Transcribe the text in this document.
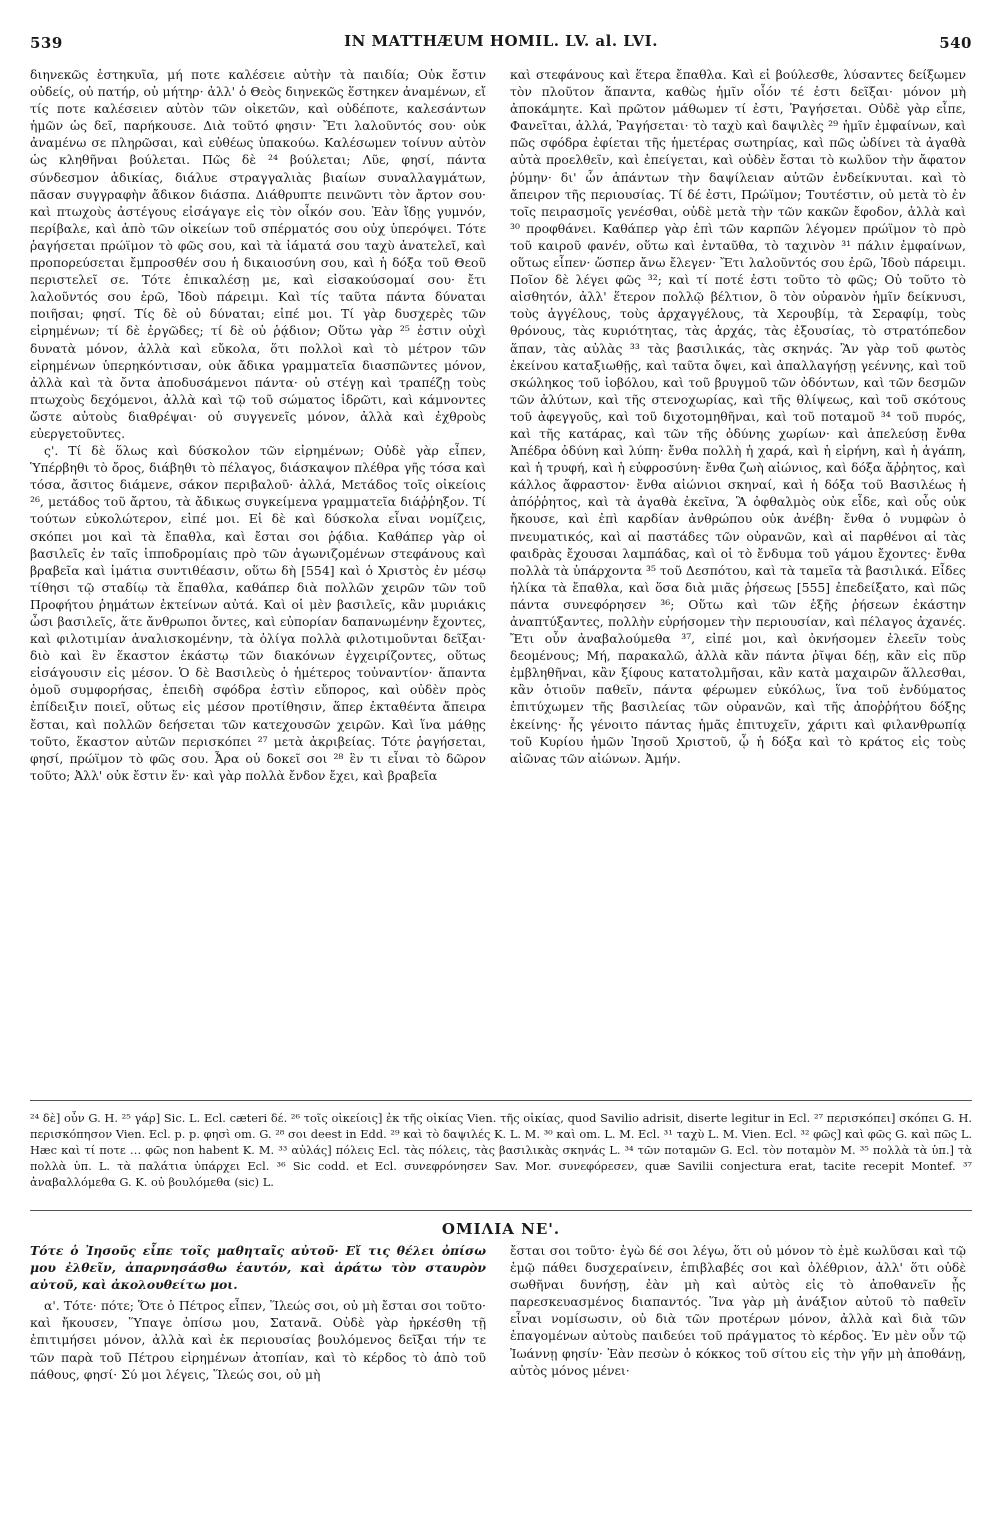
539	IN MATTHÆUM HOMIL. LV. al. LVI.	540

διηνεκῶς ἑστηκυῖα, μή ποτε καλέσειε αὐτὴν τὰ παιδία; Οὐκ ἔστιν οὐδείς, οὐ πατήρ, οὐ μήτηρ· ἀλλ' ὁ Θεὸς διηνεκῶς ἕστηκεν ἀναμένων, εἴ τίς ποτε καλέσειεν αὐτὸν τῶν οἰκετῶν, καὶ οὐδέποτε, καλεσάντων ἡμῶν ὡς δεῖ, παρήκουσε. Διὰ τοῦτό φησιν· Ἔτι λαλοῦντός σου· οὐκ ἀναμένω σε πληρῶσαι, καὶ εὐθέως ὑπακούω. Καλέσωμεν τοίνυν αὐτὸν ὡς κληθῆναι βούλεται. Πῶς δὲ ²⁴ βούλεται; Λῦε, φησί, πάντα σύνδεσμον ἀδικίας, διάλυε στραγγαλιὰς βιαίων συναλλαγμάτων, πᾶσαν συγγραφὴν ἄδικον διάσπα. Διάθρυπτε πεινῶντι τὸν ἄρτον σου· καὶ πτωχοὺς ἀστέγους εἰσάγαγε εἰς τὸν οἶκόν σου. Ἐὰν ἴδῃς γυμνόν, περίβαλε, καὶ ἀπὸ τῶν οἰκείων τοῦ σπέρματός σου οὐχ ὑπερόψει. Τότε ῥαγήσεται πρώϊμον τὸ φῶς σου, καὶ τὰ ἰάματά σου ταχὺ ἀνατελεῖ, καὶ προπορεύσεται ἔμπροσθέν σου ἡ δικαιοσύνη σου, καὶ ἡ δόξα τοῦ Θεοῦ περιστελεῖ σε. Τότε ἐπικαλέσῃ με, καὶ εἰσακούσομαί σου· ἔτι λαλοῦντός σου ἐρῶ, Ἰδοὺ πάρειμι. Καὶ τίς ταῦτα πάντα δύναται ποιῆσαι; φησί. Τίς δὲ οὐ δύναται; εἰπέ μοι. Τί γὰρ δυσχερὲς τῶν εἰρημένων; τί δὲ ἐργῶδες; τί δὲ οὐ ῥᾴδιον; Οὕτω γὰρ ²⁵ ἐστιν οὐχὶ δυνατὰ μόνον, ἀλλὰ καὶ εὔκολα, ὅτι πολλοὶ καὶ τὸ μέτρον τῶν εἰρημένων ὑπερηκόντισαν, οὐκ ἄδικα γραμματεῖα διασπῶντες μόνον, ἀλλὰ καὶ τὰ ὄντα ἀποδυσάμενοι πάντα· οὐ στέγῃ καὶ τραπέζῃ τοὺς πτωχοὺς δεχόμενοι, ἀλλὰ καὶ τῷ τοῦ σώματος ἱδρῶτι, καὶ κάμνοντες ὥστε αὐτοὺς διαθρέψαι· οὐ συγγενεῖς μόνον, ἀλλὰ καὶ ἐχθροὺς εὐεργετοῦντες.

ς'. Τί δὲ ὅλως καὶ δύσκολον τῶν εἰρημένων; Οὐδὲ γὰρ εἶπεν, Ὑπέρβηθι τὸ ὄρος, διάβηθι τὸ πέλαγος, διάσκαψον πλέθρα γῆς τόσα καὶ τόσα, ἄσιτος διάμενε, σάκον περιβαλοῦ· ἀλλά, Μετάδος τοῖς οἰκείοις ²⁶, μετάδος τοῦ ἄρτου, τὰ ἄδικως συγκείμενα γραμματεῖα διάῤῥηξον. Τί τούτων εὐκολώτερον, εἰπέ μοι. Εἰ δὲ καὶ δύσκολα εἶναι νομίζεις, σκόπει μοι καὶ τὰ ἔπαθλα, καὶ ἔσται σοι ῥᾴδια. Καθάπερ γὰρ οἱ βασιλεῖς ἐν ταῖς ἱπποδρομίαις πρὸ τῶν ἀγωνιζομένων στεφάνους καὶ βραβεῖα καὶ ἱμάτια συντιθέασιν, οὕτω δὴ [554] καὶ ὁ Χριστὸς ἐν μέσῳ τίθησι τῷ σταδίῳ τὰ ἔπαθλα, καθάπερ διὰ πολλῶν χειρῶν τῶν τοῦ Προφήτου ῥημάτων ἐκτείνων αὐτά. Καὶ οἱ μὲν βασιλεῖς, κἂν μυριάκις ὦσι βασιλεῖς, ἅτε ἄνθρωποι ὄντες, καὶ εὐπορίαν δαπανωμένην ἔχοντες, καὶ φιλοτιμίαν ἀναλισκομένην, τὰ ὀλίγα πολλὰ φιλοτιμοῦνται δεῖξαι· διὸ καὶ ἓν ἕκαστον ἑκάστῳ τῶν διακόνων ἐγχειρίζοντες, οὕτως εἰσάγουσιν εἰς μέσον. Ὁ δὲ Βασιλεὺς ὁ ἡμέτερος τοὐναντίον· ἅπαντα ὁμοῦ συμφορήσας, ἐπειδὴ σφόδρα ἐστὶν εὔπορος, καὶ οὐδὲν πρὸς ἐπίδειξιν ποιεῖ, οὕτως εἰς μέσον προτίθησιν, ἅπερ ἐκταθέντα ἄπειρα ἔσται, καὶ πολλῶν δεήσεται τῶν κατεχουσῶν χειρῶν. Καὶ ἵνα μάθῃς τοῦτο, ἕκαστον αὐτῶν περισκόπει ²⁷ μετὰ ἀκριβείας. Τότε ῥαγήσεται, φησί, πρώϊμον τὸ φῶς σου. Ἆρα οὐ δοκεῖ σοι ²⁸ ἓν τι εἶναι τὸ δῶρον τοῦτο; Ἀλλ' οὐκ ἔστιν ἕν· καὶ γὰρ πολλὰ ἔνδον ἔχει, καὶ βραβεῖα

καὶ στεφάνους καὶ ἕτερα ἔπαθλα. Καὶ εἰ βούλεσθε, λύσαντες δείξωμεν τὸν πλοῦτον ἅπαντα, καθὼς ἡμῖν οἷόν τέ ἐστι δεῖξαι· μόνον μὴ ἀποκάμητε. Καὶ πρῶτον μάθωμεν τί ἐστι, Ῥαγήσεται. Οὐδὲ γὰρ εἶπε, Φανεῖται, ἀλλά, Ῥαγήσεται· τὸ ταχὺ καὶ δαψιλὲς ²⁹ ἡμῖν ἐμφαίνων, καὶ πῶς σφόδρα ἐφίεται τῆς ἡμετέρας σωτηρίας, καὶ πῶς ὠδίνει τὰ ἀγαθὰ αὐτὰ προελθεῖν, καὶ ἐπείγεται, καὶ οὐδὲν ἔσται τὸ κωλῦον τὴν ἄφατον ῥύμην· δι' ὧν ἁπάντων τὴν δαψίλειαν αὐτῶν ἐνδείκνυται. καὶ τὸ ἄπειρον τῆς περιουσίας. Τί δέ ἐστι, Πρώϊμον; Τουτέστιν, οὐ μετὰ τὸ ἐν τοῖς πειρασμοῖς γενέσθαι, οὐδὲ μετὰ τὴν τῶν κακῶν ἔφοδον, ἀλλὰ καὶ ³⁰ προφθάνει. Καθάπερ γὰρ ἐπὶ τῶν καρπῶν λέγομεν πρώϊμον τὸ πρὸ τοῦ καιροῦ φανέν, οὕτω καὶ ἐνταῦθα, τὸ ταχινὸν ³¹ πάλιν ἐμφαίνων, οὕτως εἶπεν· ὥσπερ ἄνω ἔλεγεν· Ἔτι λαλοῦντός σου ἐρῶ, Ἰδοὺ πάρειμι. Ποῖον δὲ λέγει φῶς ³²; καὶ τί ποτέ ἐστι τοῦτο τὸ φῶς; Οὐ τοῦτο τὸ αἰσθητόν, ἀλλ' ἕτερον πολλῷ βέλτιον, ὃ τὸν οὐρανὸν ἡμῖν δείκνυσι, τοὺς ἀγγέλους, τοὺς ἀρχαγγέλους, τὰ Χερουβίμ, τὰ Σεραφίμ, τοὺς θρόνους, τὰς κυριότητας, τὰς ἀρχάς, τὰς ἐξουσίας, τὸ στρατόπεδον ἅπαν, τὰς αὐλὰς ³³ τὰς βασιλικάς, τὰς σκηνάς. Ἂν γὰρ τοῦ φωτὸς ἐκείνου καταξιωθῇς, καὶ ταῦτα ὄψει, καὶ ἀπαλλαγήσῃ γεέννης, καὶ τοῦ σκώληκος τοῦ ἰοβόλου, καὶ τοῦ βρυγμοῦ τῶν ὀδόντων, καὶ τῶν δεσμῶν τῶν ἀλύτων, καὶ τῆς στενοχωρίας, καὶ τῆς θλίψεως, καὶ τοῦ σκότους τοῦ ἀφεγγοῦς, καὶ τοῦ διχοτομηθῆναι, καὶ τοῦ ποταμοῦ ³⁴ τοῦ πυρός, καὶ τῆς κατάρας, καὶ τῶν τῆς ὀδύνης χωρίων· καὶ ἀπελεύσῃ ἔνθα Ἀπέδρα ὀδύνη καὶ λύπη· ἔνθα πολλὴ ἡ χαρά, καὶ ἡ εἰρήνη, καὶ ἡ ἀγάπη, καὶ ἡ τρυφή, καὶ ἡ εὐφροσύνη· ἔνθα ζωὴ αἰώνιος, καὶ δόξα ἄῤῥητος, καὶ κάλλος ἄφραστον· ἔνθα αἰώνιοι σκηναί, καὶ ἡ δόξα τοῦ Βασιλέως ἡ ἀπόῤῥητος, καὶ τὰ ἀγαθὰ ἐκεῖνα, Ἃ ὀφθαλμὸς οὐκ εἶδε, καὶ οὖς οὐκ ἤκουσε, καὶ ἐπὶ καρδίαν ἀνθρώπου οὐκ ἀνέβη· ἔνθα ὁ νυμφὼν ὁ πνευματικός, καὶ αἱ παστάδες τῶν οὐρανῶν, καὶ αἱ παρθένοι αἱ τὰς φαιδρὰς ἔχουσαι λαμπάδας, καὶ οἱ τὸ ἔνδυμα τοῦ γάμου ἔχοντες· ἔνθα πολλὰ τὰ ὑπάρχοντα ³⁵ τοῦ Δεσπότου, καὶ τὰ ταμεῖα τὰ βασιλικά. Εἶδες ἡλίκα τὰ ἔπαθλα, καὶ ὅσα διὰ μιᾶς ῥήσεως [555] ἐπεδείξατο, καὶ πῶς πάντα συνεφόρησεν ³⁶; Οὕτω καὶ τῶν ἑξῆς ῥήσεων ἑκάστην ἀναπτύξαντες, πολλὴν εὑρήσομεν τὴν περιουσίαν, καὶ πέλαγος ἀχανές. Ἔτι οὖν ἀναβαλούμεθα ³⁷, εἰπέ μοι, καὶ ὀκνήσομεν ἐλεεῖν τοὺς δεομένους; Μή, παρακαλῶ, ἀλλὰ κἂν πάντα ῥῖψαι δέῃ, κἂν εἰς πῦρ ἐμβληθῆναι, κἂν ξίφους κατατολμῆσαι, κἂν κατὰ μαχαιρῶν ἅλλεσθαι, κἂν ὁτιοῦν παθεῖν, πάντα φέρωμεν εὐκόλως, ἵνα τοῦ ἐνδύματος ἐπιτύχωμεν τῆς βασιλείας τῶν οὐρανῶν, καὶ τῆς ἀποῤῥήτου δόξης ἐκείνης· ἧς γένοιτο πάντας ἡμᾶς ἐπιτυχεῖν, χάριτι καὶ φιλανθρωπίᾳ τοῦ Κυρίου ἡμῶν Ἰησοῦ Χριστοῦ, ᾧ ἡ δόξα καὶ τὸ κράτος εἰς τοὺς αἰῶνας τῶν αἰώνων. Ἀμήν.

²⁴ δὲ] οὖν G. H. ²⁵ γάρ] Sic. L. Ecl. cæteri δέ. ²⁶ τοῖς οἰκείοις] ἐκ τῆς οἰκίας Vien. τῆς οἰκίας, quod Savilio adrisit, diserte legitur in Ecl. ²⁷ περισκόπει] σκόπει G. H. περισκόπησον Vien. Ecl. p. p. φησὶ om. G. ²⁸ σοι deest in Edd. ²⁹ καὶ τὸ δαψιλές K. L. M. ³⁰ καὶ om. L. M. Ecl. ³¹ ταχὺ L. M. Vien. Ecl. ³² φῶς] καὶ φῶς G. καὶ πῶς L. Hæc καὶ τί ποτε … φῶς non habent K. M. ³³ αὐλάς] πόλεις Ecl. τὰς πόλεις, τὰς βασιλικὰς σκηνάς L. ³⁴ τῶν ποταμῶν G. Ecl. τὸν ποταμὸν M. ³⁵ πολλὰ τὰ ὑπ.] τὰ πολλὰ ὑπ. L. τὰ παλάτια ὑπάρχει Ecl. ³⁶ Sic codd. et Ecl. συνεφρόνησεν Sav. Mor. συνεφόρεσεν, quæ Savilii conjectura erat, tacite recepit Montef. ³⁷ ἀναβαλλόμεθα G. K. οὐ βουλόμεθα (sic) L.

ΟΜΙΛΙΑ ΝΕ'.

Τότε ὁ Ἰησοῦς εἶπε τοῖς μαθηταῖς αὐτοῦ· Εἴ τις θέλει ὀπίσω μου ἐλθεῖν, ἀπαρνησάσθω ἑαυτόν, καὶ ἀράτω τὸν σταυρὸν αὐτοῦ, καὶ ἀκολουθείτω μοι.

α'. Τότε· πότε; Ὅτε ὁ Πέτρος εἶπεν, Ἵλεώς σοι, οὐ μὴ ἔσται σοι τοῦτο· καὶ ἤκουσεν, Ὕπαγε ὀπίσω μου, Σατανᾶ. Οὐδὲ γὰρ ἠρκέσθη τῇ ἐπιτιμήσει μόνον, ἀλλὰ καὶ ἐκ περιουσίας βουλόμενος δεῖξαι τήν τε τῶν παρὰ τοῦ Πέτρου εἰρημένων ἀτοπίαν, καὶ τὸ κέρδος τὸ ἀπὸ τοῦ πάθους, φησί· Σύ μοι λέγεις, Ἵλεώς σοι, οὐ μὴ

ἔσται σοι τοῦτο· ἐγὼ δέ σοι λέγω, ὅτι οὐ μόνον τὸ ἐμὲ κωλῦσαι καὶ τῷ ἐμῷ πάθει δυσχεραίνειν, ἐπιβλαβές σοι καὶ ὀλέθριον, ἀλλ' ὅτι οὐδὲ σωθῆναι δυνήσῃ, ἐὰν μὴ καὶ αὐτὸς εἰς τὸ ἀποθανεῖν ᾖς παρεσκευασμένος διαπαντός. Ἵνα γὰρ μὴ ἀνάξιον αὐτοῦ τὸ παθεῖν εἶναι νομίσωσιν, οὐ διὰ τῶν προτέρων μόνον, ἀλλὰ καὶ διὰ τῶν ἐπαγομένων αὐτοὺς παιδεύει τοῦ πράγματος τὸ κέρδος. Ἐν μὲν οὖν τῷ Ἰωάννῃ φησίν· Ἐὰν πεσὼν ὁ κόκκος τοῦ σίτου εἰς τὴν γῆν μὴ ἀποθάνῃ, αὐτὸς μόνος μένει·
